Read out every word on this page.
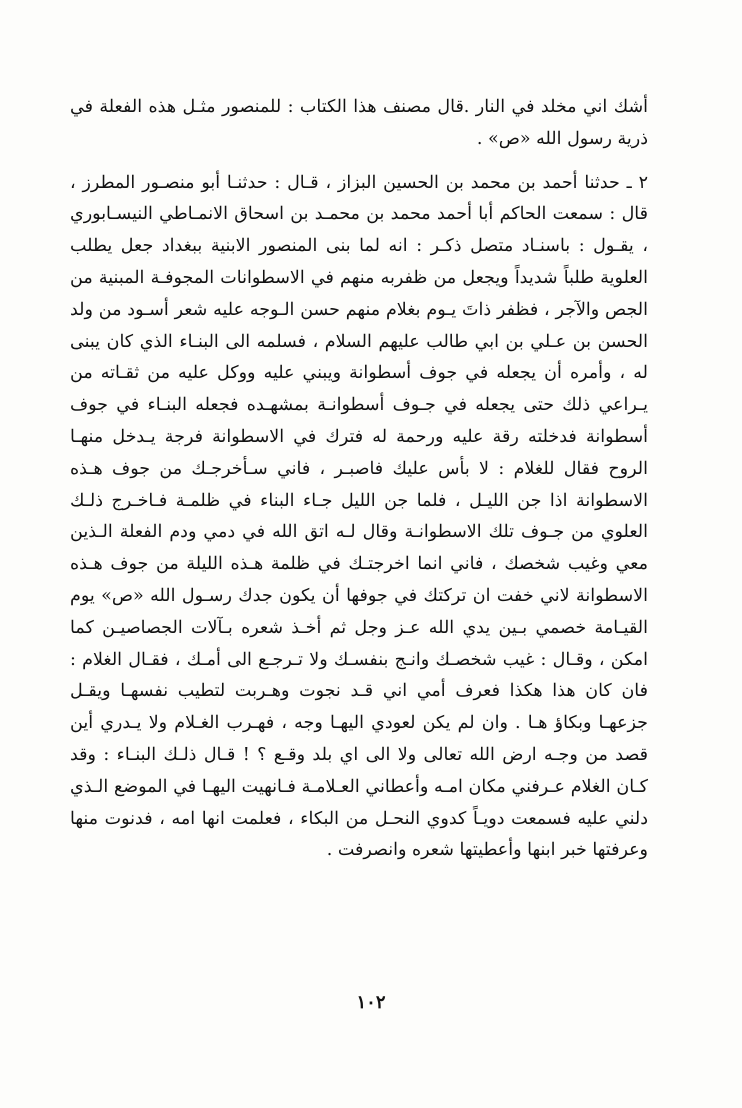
أشك اني مخلد في النار .قال مصنف هذا الكتاب : للمنصور مثـل هذه الفعلة في ذرية رسول الله «ص» .

٢ ـ حدثنا أحمد بن محمد بن الحسين البزاز ، قـال : حدثنـا أبو منصـور المطرز ، قال : سمعت الحاكم أبا أحمد محمد بن محمـد بن اسحاق الانمـاطي النيسـابوري ، يقـول : باسنـاد متصل ذكـر : انه لما بنى المنصور الابنية ببغداد جعل يطلب العلوية طلباً شديداً ويجعل من ظفربه منهم في الاسطوانات المجوفـة المبنية من الجص والآجر ، فظفر ذاتَ يـوم بغلام منهم حسن الـوجه عليه شعر أسـود من ولد الحسن بن عـلي بن ابي طالب عليهم السلام ، فسلمه الى البنـاء الذي كان يبنى له ، وأمره أن يجعله في جوف أسطوانة ويبني عليه ووكل عليه من ثقـاته من يـراعي ذلك حتى يجعله في جـوف أسطوانـة بمشهـده فجعله البنـاء في جوف أسطوانة فدخلته رقة عليه ورحمة له فترك في الاسطوانة فرجة يـدخل منهـا الروح فقال للغلام : لا بأس عليك فاصبـر ، فاني سـأخرجـك من جوف هـذه الاسطوانة اذا جن الليـل ، فلما جن الليل جـاء البناء في ظلمـة فـاخـرج ذلـك العلوي من جـوف تلك الاسطوانـة وقال لـه اتق الله في دمي ودم الفعلة الـذين معي وغيب شخصك ، فاني انما اخرجتـك في ظلمة هـذه الليلة من جوف هـذه الاسطوانة لاني خفت ان تركتك في جوفها أن يكون جدك رسـول الله «ص» يوم القيـامة خصمي بـين يدي الله عـز وجل ثم أخـذ شعره بـآلات الجصاصيـن كما امكن ، وقـال : غيب شخصـك وانـج بنفسـك ولا تـرجـع الى أمـك ، فقـال الغلام : فان كان هذا هكذا فعرف أمي اني قـد نجوت وهـربت لتطيب نفسهـا ويقـل جزعهـا وبكاؤ هـا . وان لم يكن لعودي اليهـا وجه ، فهـرب الغـلام ولا يـدري أين قصد من وجـه ارض الله تعالى ولا الى اي بلد وقـع ؟ ! قـال ذلـك البنـاء : وقد كـان الغلام عـرفني مكان امـه وأعطاني العـلامـة فـانهيت اليهـا في الموضع الـذي دلني عليه فسمعت دويـاً كدوي النحـل من البكاء ، فعلمت انها امه ، فدنوت منها وعرفتها خبر ابنها وأعطيتها شعره وانصرفت .

١٠٢
